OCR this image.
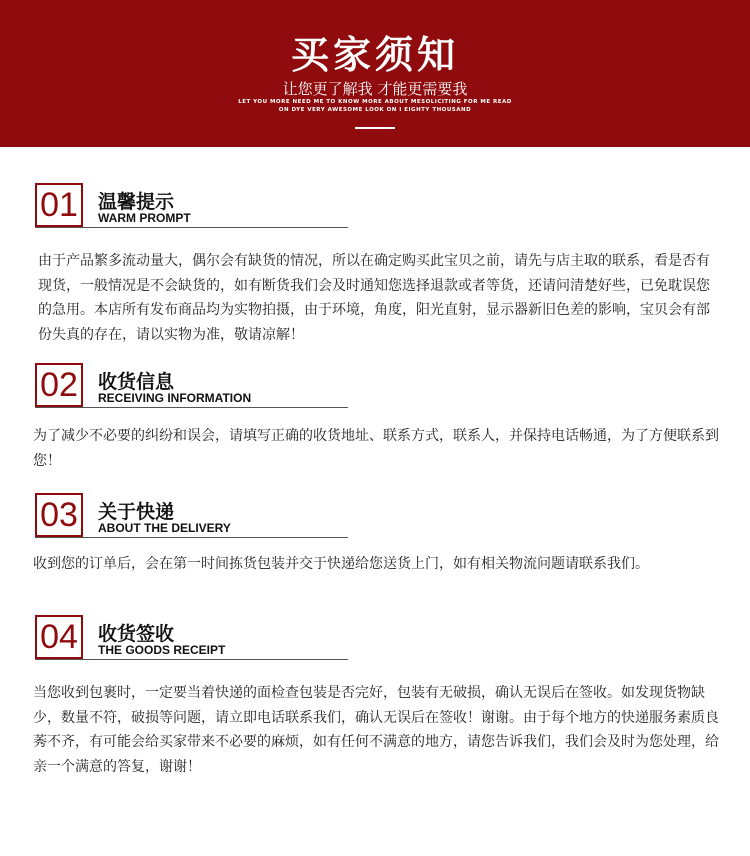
买家须知
让您更了解我 才能更需要我
LET YOU MORE NEED ME TO KNOW MORE ABOUT MESOLICITING FOR ME READ
ON DYE VERY AWESOME LOOK ON I EIGHTY THOUSAND
01 温馨提示
WARM PROMPT
由于产品繁多流动量大，偶尔会有缺货的情况，所以在确定购买此宝贝之前，请先与店主取的联系，看是否有现货，一般情况是不会缺货的，如有断货我们会及时通知您选择退款或者等货，还请问清楚好些，已免耽误您的急用。本店所有发布商品均为实物拍摄，由于环境，角度，阳光直射，显示器新旧色差的影响，宝贝会有部份失真的存在，请以实物为准，敬请凉解！
02 收货信息
RECEIVING INFORMATION
为了减少不必要的纠纷和误会，请填写正确的收货地址、联系方式，联系人，并保持电话畅通，为了方便联系到您！
03 关于快递
ABOUT THE DELIVERY
收到您的订单后，会在第一时间拣货包装并交于快递给您送货上门，如有相关物流问题请联系我们。
04 收货签收
THE GOODS RECEIPT
当您收到包裹时，一定要当着快递的面检查包装是否完好，包装有无破损，确认无误后在签收。如发现货物缺少，数量不符，破损等问题，请立即电话联系我们，确认无误后在签收！谢谢。由于每个地方的快递服务素质良莠不齐，有可能会给买家带来不必要的麻烦，如有任何不满意的地方，请您告诉我们，我们会及时为您处理，给亲一个满意的答复，谢谢！
